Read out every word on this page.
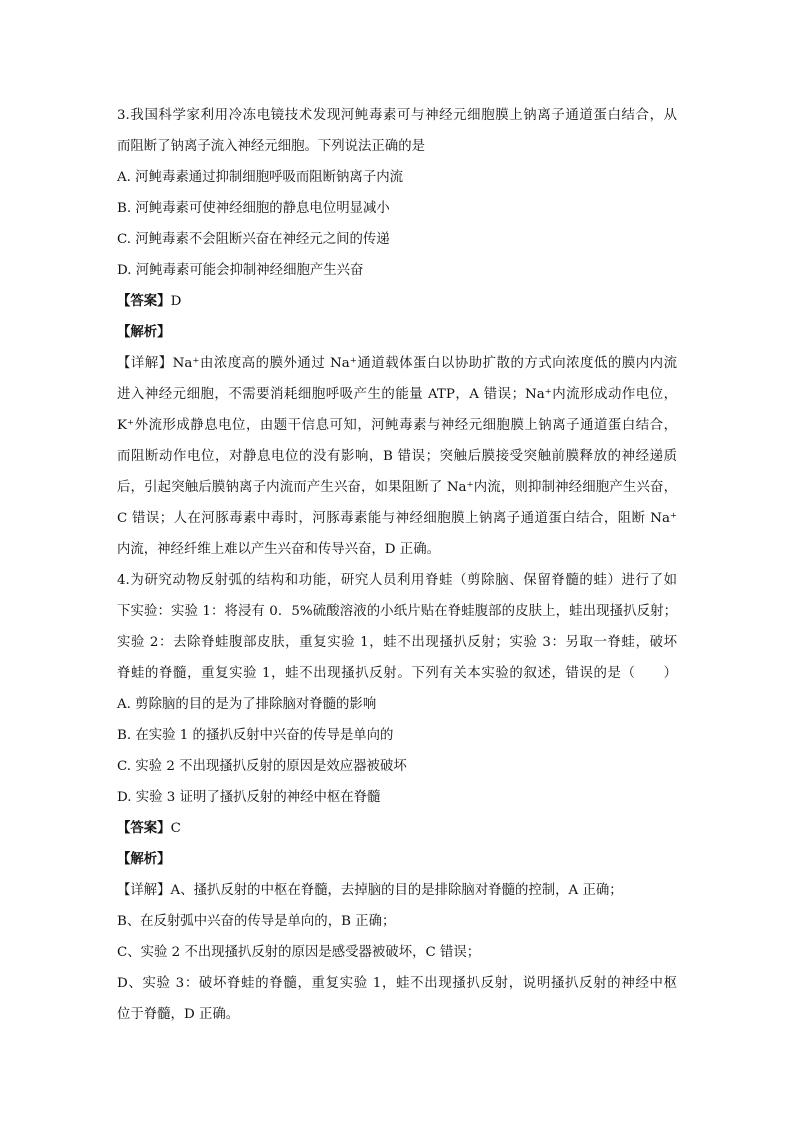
3.我国科学家利用冷冻电镜技术发现河鲀毒素可与神经元细胞膜上钠离子通道蛋白结合，从
而阻断了钠离子流入神经元细胞。下列说法正确的是
A. 河鲀毒素通过抑制细胞呼吸而阻断钠离子内流
B. 河鲀毒素可使神经细胞的静息电位明显减小
C. 河鲀毒素不会阻断兴奋在神经元之间的传递
D. 河鲀毒素可能会抑制神经细胞产生兴奋
【答案】D
【解析】
【详解】Na⁺由浓度高的膜外通过 Na⁺通道载体蛋白以协助扩散的方式向浓度低的膜内内流
进入神经元细胞，不需要消耗细胞呼吸产生的能量 ATP，A 错误；Na⁺内流形成动作电位，
K⁺外流形成静息电位，由题干信息可知，河鲀毒素与神经元细胞膜上钠离子通道蛋白结合，
而阻断动作电位，对静息电位的没有影响，B 错误；突触后膜接受突触前膜释放的神经递质
后，引起突触后膜钠离子内流而产生兴奋，如果阻断了 Na⁺内流，则抑制神经细胞产生兴奋，
C 错误；人在河豚毒素中毒时，河豚毒素能与神经细胞膜上钠离子通道蛋白结合，阻断 Na⁺
内流，神经纤维上难以产生兴奋和传导兴奋，D 正确。
4.为研究动物反射弧的结构和功能，研究人员利用脊蛙（剪除脑、保留脊髓的蛙）进行了如
下实验：实验 1：将浸有 0．5%硫酸溶液的小纸片贴在脊蛙腹部的皮肤上，蛙出现搔扒反射；
实验 2：去除脊蛙腹部皮肤，重复实验 1，蛙不出现搔扒反射；实验 3：另取一脊蛙，破坏
脊蛙的脊髓，重复实验 1，蛙不出现搔扒反射。下列有关本实验的叙述，错误的是（　　）
A. 剪除脑的目的是为了排除脑对脊髓的影响
B. 在实验 1 的搔扒反射中兴奋的传导是单向的
C. 实验 2 不出现搔扒反射的原因是效应器被破坏
D. 实验 3 证明了搔扒反射的神经中枢在脊髓
【答案】C
【解析】
【详解】A、搔扒反射的中枢在脊髓，去掉脑的目的是排除脑对脊髓的控制，A 正确；
B、在反射弧中兴奋的传导是单向的，B 正确；
C、实验 2 不出现搔扒反射的原因是感受器被破坏，C 错误；
D、实验 3：破坏脊蛙的脊髓，重复实验 1，蛙不出现搔扒反射，说明搔扒反射的神经中枢
位于脊髓，D 正确。
